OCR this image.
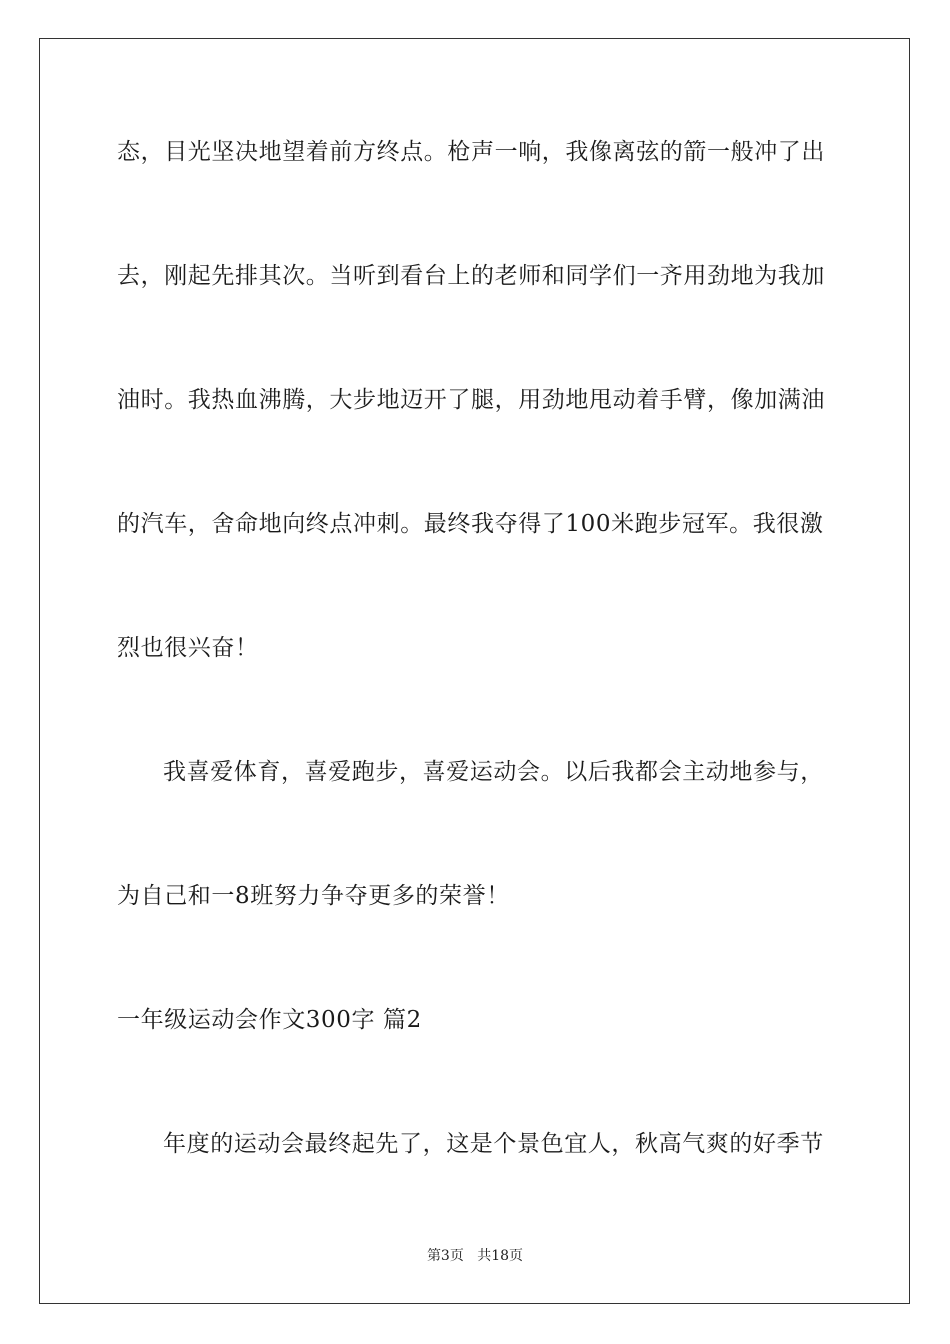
态，目光坚决地望着前方终点。枪声一响，我像离弦的箭一般冲了出
去，刚起先排其次。当听到看台上的老师和同学们一齐用劲地为我加
油时。我热血沸腾，大步地迈开了腿，用劲地甩动着手臂，像加满油
的汽车，舍命地向终点冲刺。最终我夺得了100米跑步冠军。我很激
烈也很兴奋！
我喜爱体育，喜爱跑步，喜爱运动会。以后我都会主动地参与，
为自己和一8班努力争夺更多的荣誉！
一年级运动会作文300字 篇2
年度的运动会最终起先了，这是个景色宜人，秋高气爽的好季节
第3页 共18页
